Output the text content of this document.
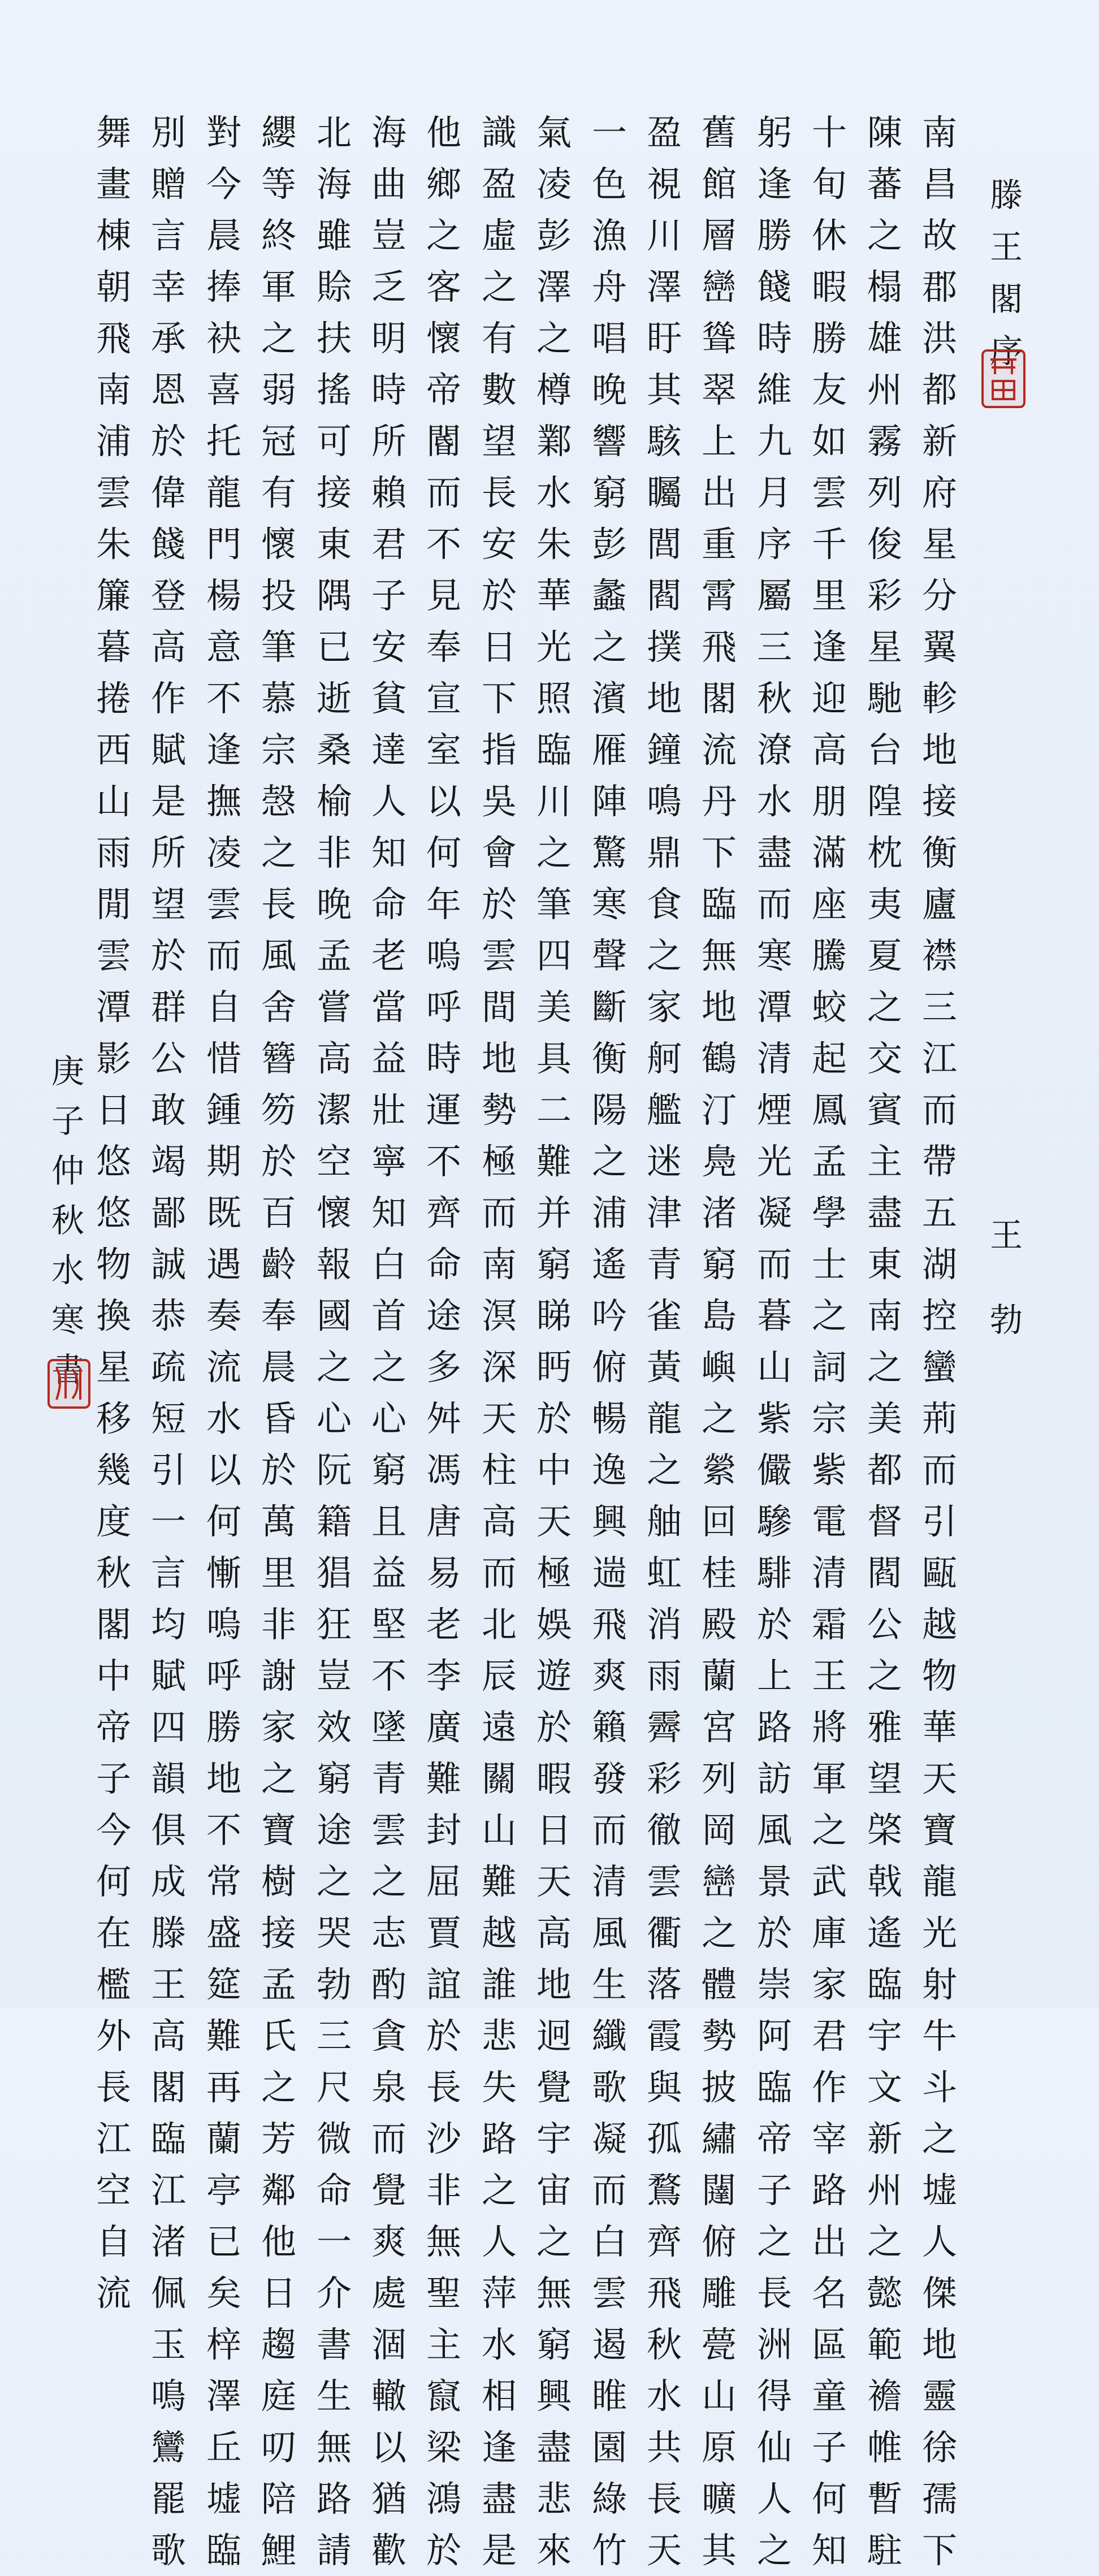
滕
王
閣
序
王
勃
南
昌
故
郡
洪
都
新
府
星
分
翼
軫
地
接
衡
廬
襟
三
江
而
帶
五
湖
控
蠻
荊
而
引
甌
越
物
華
天
寶
龍
光
射
牛
斗
之
墟
人
傑
地
靈
徐
孺
下
陳
蕃
之
榻
雄
州
霧
列
俊
彩
星
馳
台
隍
枕
夷
夏
之
交
賓
主
盡
東
南
之
美
都
督
閻
公
之
雅
望
棨
戟
遙
臨
宇
文
新
州
之
懿
範
襜
帷
暫
駐
十
旬
休
暇
勝
友
如
雲
千
里
逢
迎
高
朋
滿
座
騰
蛟
起
鳳
孟
學
士
之
詞
宗
紫
電
清
霜
王
將
軍
之
武
庫
家
君
作
宰
路
出
名
區
童
子
何
知
躬
逢
勝
餞
時
維
九
月
序
屬
三
秋
潦
水
盡
而
寒
潭
清
煙
光
凝
而
暮
山
紫
儼
驂
騑
於
上
路
訪
風
景
於
崇
阿
臨
帝
子
之
長
洲
得
仙
人
之
舊
館
層
巒
聳
翠
上
出
重
霄
飛
閣
流
丹
下
臨
無
地
鶴
汀
鳧
渚
窮
島
嶼
之
縈
回
桂
殿
蘭
宮
列
岡
巒
之
體
勢
披
繡
闥
俯
雕
甍
山
原
曠
其
盈
視
川
澤
盱
其
駭
矚
閭
閻
撲
地
鐘
鳴
鼎
食
之
家
舸
艦
迷
津
青
雀
黃
龍
之
舳
虹
消
雨
霽
彩
徹
雲
衢
落
霞
與
孤
鶩
齊
飛
秋
水
共
長
天
一
色
漁
舟
唱
晚
響
窮
彭
蠡
之
濱
雁
陣
驚
寒
聲
斷
衡
陽
之
浦
遙
吟
俯
暢
逸
興
遄
飛
爽
籟
發
而
清
風
生
纖
歌
凝
而
白
雲
遏
睢
園
綠
竹
氣
凌
彭
澤
之
樽
鄴
水
朱
華
光
照
臨
川
之
筆
四
美
具
二
難
并
窮
睇
眄
於
中
天
極
娛
遊
於
暇
日
天
高
地
迥
覺
宇
宙
之
無
窮
興
盡
悲
來
識
盈
虛
之
有
數
望
長
安
於
日
下
指
吳
會
於
雲
間
地
勢
極
而
南
溟
深
天
柱
高
而
北
辰
遠
關
山
難
越
誰
悲
失
路
之
人
萍
水
相
逢
盡
是
他
鄉
之
客
懷
帝
閽
而
不
見
奉
宣
室
以
何
年
嗚
呼
時
運
不
齊
命
途
多
舛
馮
唐
易
老
李
廣
難
封
屈
賈
誼
於
長
沙
非
無
聖
主
竄
梁
鴻
於
海
曲
豈
乏
明
時
所
賴
君
子
安
貧
達
人
知
命
老
當
益
壯
寧
知
白
首
之
心
窮
且
益
堅
不
墜
青
雲
之
志
酌
貪
泉
而
覺
爽
處
涸
轍
以
猶
歡
北
海
雖
賒
扶
搖
可
接
東
隅
已
逝
桑
榆
非
晚
孟
嘗
高
潔
空
懷
報
國
之
心
阮
籍
猖
狂
豈
效
窮
途
之
哭
勃
三
尺
微
命
一
介
書
生
無
路
請
纓
等
終
軍
之
弱
冠
有
懷
投
筆
慕
宗
愨
之
長
風
舍
簪
笏
於
百
齡
奉
晨
昏
於
萬
里
非
謝
家
之
寶
樹
接
孟
氏
之
芳
鄰
他
日
趨
庭
叨
陪
鯉
對
今
晨
捧
袂
喜
托
龍
門
楊
意
不
逢
撫
凌
雲
而
自
惜
鍾
期
既
遇
奏
流
水
以
何
慚
嗚
呼
勝
地
不
常
盛
筵
難
再
蘭
亭
已
矣
梓
澤
丘
墟
臨
別
贈
言
幸
承
恩
於
偉
餞
登
高
作
賦
是
所
望
於
群
公
敢
竭
鄙
誠
恭
疏
短
引
一
言
均
賦
四
韻
俱
成
滕
王
高
閣
臨
江
渚
佩
玉
鳴
鸞
罷
歌
舞
畫
棟
朝
飛
南
浦
雲
朱
簾
暮
捲
西
山
雨
閒
雲
潭
影
日
悠
悠
物
換
星
移
幾
度
秋
閣
中
帝
子
今
何
在
檻
外
長
江
空
自
流
庚
子
仲
秋
水
寒
書
